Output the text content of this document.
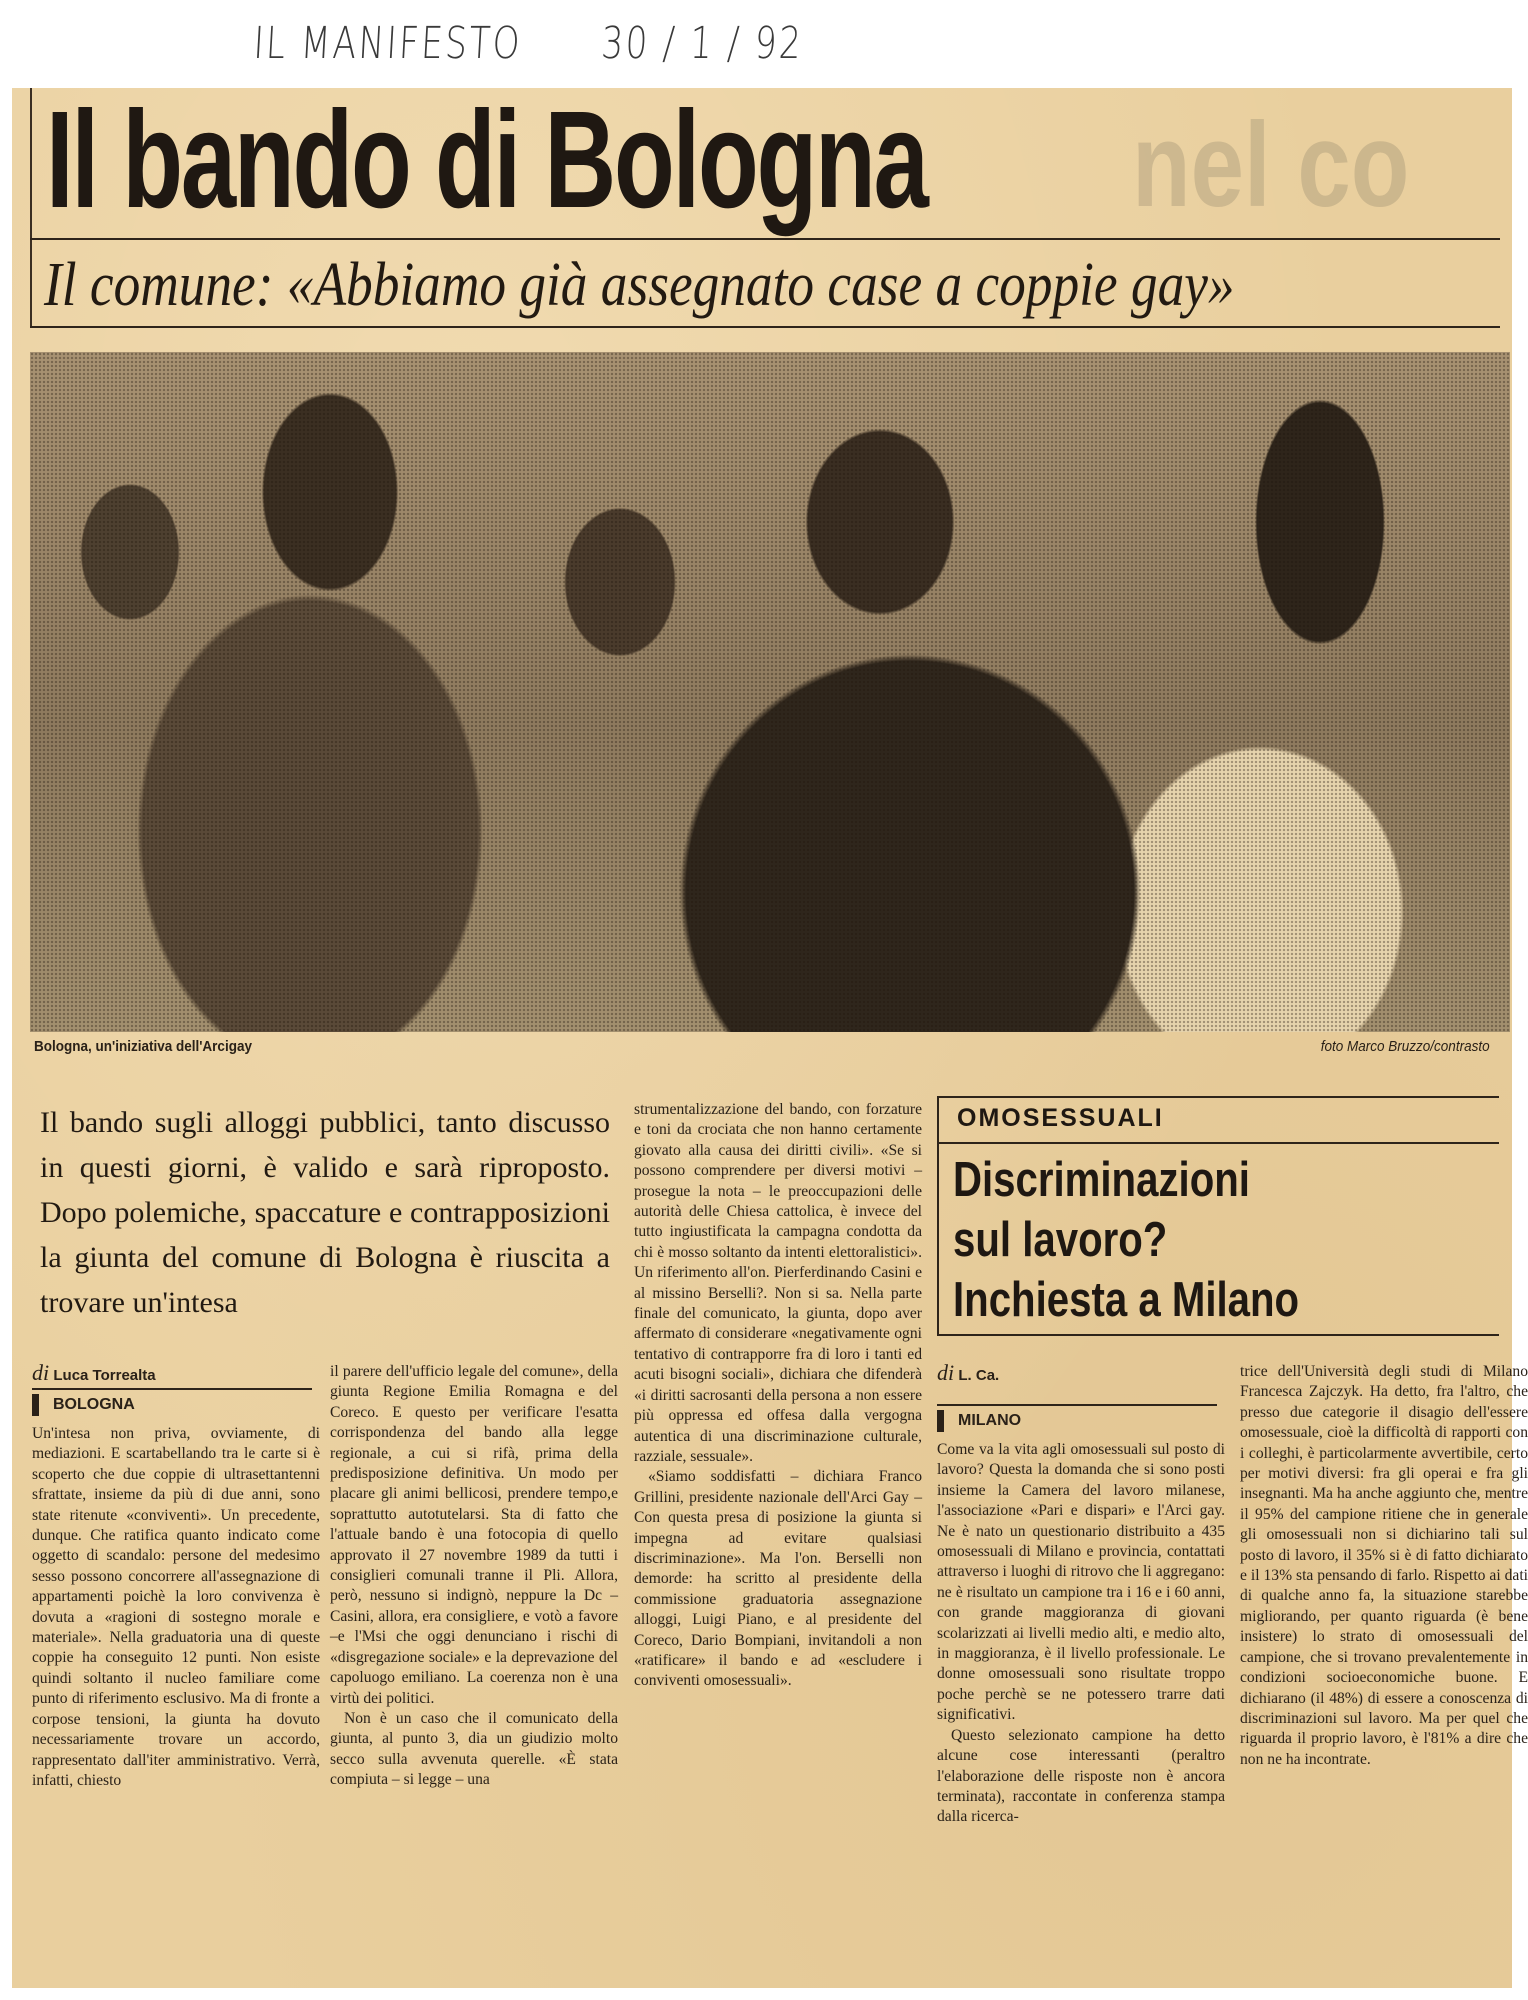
IL MANIFESTO 30 / 1 / 92
nel co
Il bando di Bologna
Il comune: «Abbiamo già assegnato case a coppie gay»
Bologna, un'iniziativa dell'Arcigay	foto Marco Bruzzo/contrasto
Il bando sugli alloggi pubblici, tanto discusso in questi giorni, è valido e sarà riproposto. Dopo polemiche, spaccature e contrapposizioni la giunta del comune di Bologna è riuscita a trovare un'intesa
di Luca Torrealta
BOLOGNA

Un'intesa non priva, ovviamente, di mediazioni. E scartabellando tra le carte si è scoperto che due coppie di ultrasettantenni sfrattate, insieme da più di due anni, sono state ritenute «conviventi». Un precedente, dunque. Che ratifica quanto indicato come oggetto di scandalo: persone del medesimo sesso possono concorrere all'assegnazione di appartamenti poichè la loro convivenza è dovuta a «ragioni di sostegno morale e materiale». Nella graduatoria una di queste coppie ha conseguito 12 punti. Non esiste quindi soltanto il nucleo familiare come punto di riferimento esclusivo. Ma di fronte a corpose tensioni, la giunta ha dovuto necessariamente trovare un accordo, rappresentato dall'iter amministrativo. Verrà, infatti, chiesto

il parere dell'ufficio legale del comune», della giunta Regione Emilia Romagna e del Coreco. E questo per verificare l'esatta corrispondenza del bando alla legge regionale, a cui si rifà, prima della predisposizione definitiva. Un modo per placare gli animi bellicosi, prendere tempo,e soprattutto autotutelarsi. Sta di fatto che l'attuale bando è una fotocopia di quello approvato il 27 novembre 1989 da tutti i consiglieri comunali tranne il Pli. Allora, però, nessuno si indignò, neppure la Dc – Casini, allora, era consigliere, e votò a favore –e l'Msi che oggi denunciano i rischi di «disgregazione sociale» e la deprevazione del capoluogo emiliano. La coerenza non è una virtù dei politici.

Non è un caso che il comunicato della giunta, al punto 3, dia un giudizio molto secco sulla avvenuta querelle. «È stata compiuta – si legge – una

strumentalizzazione del bando, con forzature e toni da crociata che non hanno certamente giovato alla causa dei diritti civili». «Se si possono comprendere per diversi motivi – prosegue la nota – le preoccupazioni delle autorità delle Chiesa cattolica, è invece del tutto ingiustificata la campagna condotta da chi è mosso soltanto da intenti elettoralistici». Un riferimento all'on. Pierferdinando Casini e al missino Berselli?. Non si sa. Nella parte finale del comunicato, la giunta, dopo aver affermato di considerare «negativamente ogni tentativo di contrapporre fra di loro i tanti ed acuti bisogni sociali», dichiara che difenderà «i diritti sacrosanti della persona a non essere più oppressa ed offesa dalla vergogna autentica di una discriminazione culturale, razziale, sessuale».

«Siamo soddisfatti – dichiara Franco Grillini, presidente nazionale dell'Arci Gay – Con questa presa di posizione la giunta si impegna ad evitare qualsiasi discriminazione». Ma l'on. Berselli non demorde: ha scritto al presidente della commissione graduatoria assegnazione alloggi, Luigi Piano, e al presidente del Coreco, Dario Bompiani, invitandoli a non «ratificare» il bando e ad «escludere i conviventi omosessuali».

OMOSESSUALI
Discriminazioni
sul lavoro?
Inchiesta a Milano
di L. Ca.
MILANO

Come va la vita agli omosessuali sul posto di lavoro? Questa la domanda che si sono posti insieme la Camera del lavoro milanese, l'associazione «Pari e dispari» e l'Arci gay. Ne è nato un questionario distribuito a 435 omosessuali di Milano e provincia, contattati attraverso i luoghi di ritrovo che li aggregano: ne è risultato un campione tra i 16 e i 60 anni, con grande maggioranza di giovani scolarizzati ai livelli medio alti, e medio alto, in maggioranza, è il livello professionale. Le donne omosessuali sono risultate troppo poche perchè se ne potessero trarre dati significativi.

Questo selezionato campione ha detto alcune cose interessanti (peraltro l'elaborazione delle risposte non è ancora terminata), raccontate in conferenza stampa dalla ricerca-

trice dell'Università degli studi di Milano Francesca Zajczyk. Ha detto, fra l'altro, che presso due categorie il disagio dell'essere omosessuale, cioè la difficoltà di rapporti con i colleghi, è particolarmente avvertibile, certo per motivi diversi: fra gli operai e fra gli insegnanti. Ma ha anche aggiunto che, mentre il 95% del campione ritiene che in generale gli omosessuali non si dichiarino tali sul posto di lavoro, il 35% si è di fatto dichiarato e il 13% sta pensando di farlo. Rispetto ai dati di qualche anno fa, la situazione starebbe migliorando, per quanto riguarda (è bene insistere) lo strato di omosessuali del campione, che si trovano prevalentemente in condizioni socioeconomiche buone. E dichiarano (il 48%) di essere a conoscenza di discriminazioni sul lavoro. Ma per quel che riguarda il proprio lavoro, è l'81% a dire che non ne ha incontrate.
